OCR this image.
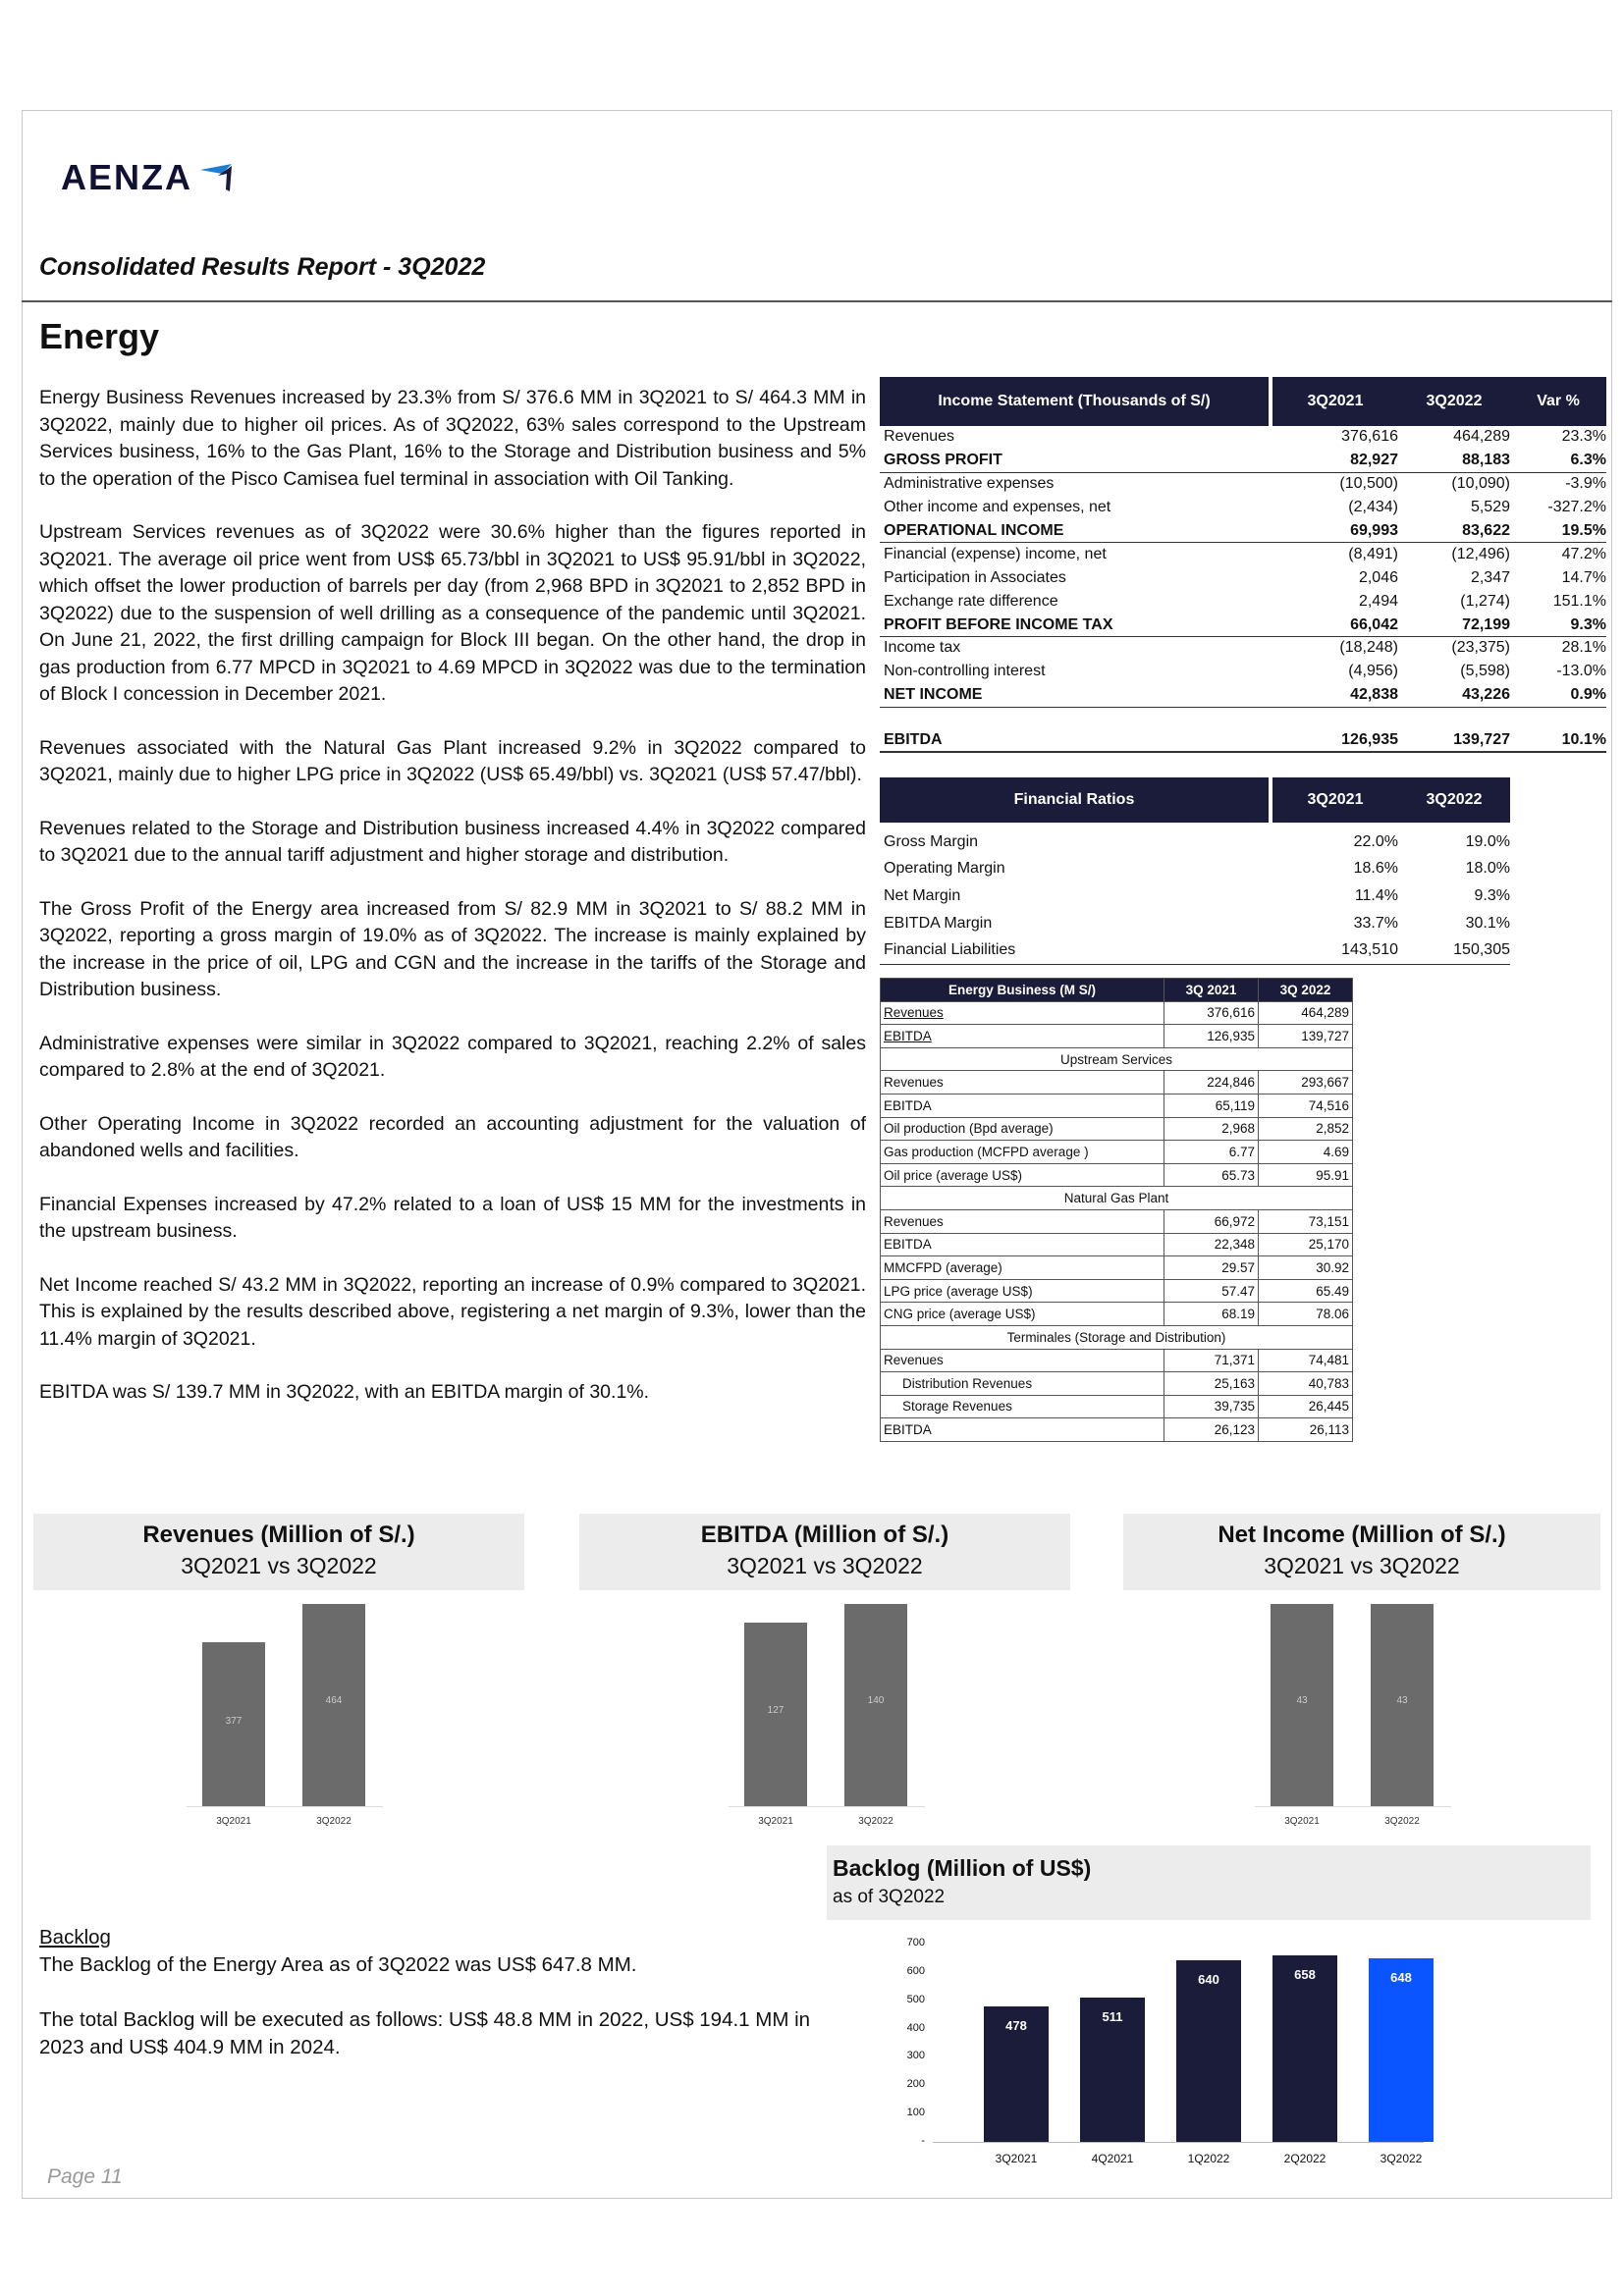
AENZA
Consolidated Results Report - 3Q2022
Energy

Energy Business Revenues increased by 23.3% from S/ 376.6 MM in 3Q2021 to S/ 464.3 MM in 3Q2022, mainly due to higher oil prices. As of 3Q2022, 63% sales correspond to the Upstream Services business, 16% to the Gas Plant, 16% to the Storage and Distribution business and 5% to the operation of the Pisco Camisea fuel terminal in association with Oil Tanking.

Upstream Services revenues as of 3Q2022 were 30.6% higher than the figures reported in 3Q2021. The average oil price went from US$ 65.73/bbl in 3Q2021 to US$ 95.91/bbl in 3Q2022, which offset the lower production of barrels per day (from 2,968 BPD in 3Q2021 to 2,852 BPD in 3Q2022) due to the suspension of well drilling as a consequence of the pandemic until 3Q2021. On June 21, 2022, the first drilling campaign for Block III began. On the other hand, the drop in gas production from 6.77 MPCD in 3Q2021 to 4.69 MPCD in 3Q2022 was due to the termination of Block I concession in December 2021.

Revenues associated with the Natural Gas Plant increased 9.2% in 3Q2022 compared to 3Q2021, mainly due to higher LPG price in 3Q2022 (US$ 65.49/bbl) vs. 3Q2021 (US$ 57.47/bbl).

Revenues related to the Storage and Distribution business increased 4.4% in 3Q2022 compared to 3Q2021 due to the annual tariff adjustment and higher storage and distribution.

The Gross Profit of the Energy area increased from S/ 82.9 MM in 3Q2021 to S/ 88.2 MM in 3Q2022, reporting a gross margin of 19.0% as of 3Q2022. The increase is mainly explained by the increase in the price of oil, LPG and CGN and the increase in the tariffs of the Storage and Distribution business.

Administrative expenses were similar in 3Q2022 compared to 3Q2021, reaching 2.2% of sales compared to 2.8% at the end of 3Q2021.

Other Operating Income in 3Q2022 recorded an accounting adjustment for the valuation of abandoned wells and facilities.

Financial Expenses increased by 47.2% related to a loan of US$ 15 MM for the investments in the upstream business.

Net Income reached S/ 43.2 MM in 3Q2022, reporting an increase of 0.9% compared to 3Q2021. This is explained by the results described above, registering a net margin of 9.3%, lower than the 11.4% margin of 3Q2021.

EBITDA was S/ 139.7 MM in 3Q2022, with an EBITDA margin of 30.1%.

Income Statement (Thousands of S/)	3Q2021	3Q2022	Var %
Revenues	376,616	464,289	23.3%
GROSS PROFIT	82,927	88,183	6.3%
Administrative expenses	(10,500)	(10,090)	-3.9%
Other income and expenses, net	(2,434)	5,529	-327.2%
OPERATIONAL INCOME	69,993	83,622	19.5%
Financial (expense) income, net	(8,491)	(12,496)	47.2%
Participation in Associates	2,046	2,347	14.7%
Exchange rate difference	2,494	(1,274)	151.1%
PROFIT BEFORE INCOME TAX	66,042	72,199	9.3%
Income tax	(18,248)	(23,375)	28.1%
Non-controlling interest	(4,956)	(5,598)	-13.0%
NET INCOME	42,838	43,226	0.9%
EBITDA	126,935	139,727	10.1%
Financial Ratios	3Q2021	3Q2022
Gross Margin	22.0%	19.0%
Operating Margin	18.6%	18.0%
Net Margin	11.4%	9.3%
EBITDA Margin	33.7%	30.1%
Financial Liabilities	143,510	150,305
Energy Business (M S/)	3Q 2021	3Q 2022
Revenues	376,616	464,289
EBITDA	126,935	139,727
Upstream Services		
Revenues	224,846	293,667
EBITDA	65,119	74,516
Oil production (Bpd average)	2,968	2,852
Gas production (MCFPD average )	6.77	4.69
Oil price (average US$)	65.73	95.91
Natural Gas Plant		
Revenues	66,972	73,151
EBITDA	22,348	25,170
MMCFPD (average)	29.57	30.92
LPG price (average US$)	57.47	65.49
CNG price (average US$)	68.19	78.06
Terminales (Storage and Distribution)		
Revenues	71,371	74,481
Distribution Revenues	25,163	40,783
Storage Revenues	39,735	26,445
EBITDA	26,123	26,113
Revenues (Million of S/.)
3Q2021 vs 3Q2022
EBITDA (Million of S/.)
3Q2021 vs 3Q2022
Net Income (Million of S/.)
3Q2021 vs 3Q2022
377
3Q2021
464
3Q2022
127
3Q2021
140
3Q2022
43
3Q2021
43
3Q2022
Backlog (Million of US$)
as of 3Q2022
-
100
200
300
400
500
600
700
478
3Q2021
511
4Q2021
640
1Q2022
658
2Q2022
648
3Q2022
Backlog

The Backlog of the Energy Area as of 3Q2022 was US$ 647.8 MM.

The total Backlog will be executed as follows: US$ 48.8 MM in 2022, US$ 194.1 MM in 2023 and US$ 404.9 MM in 2024.

Page 11
